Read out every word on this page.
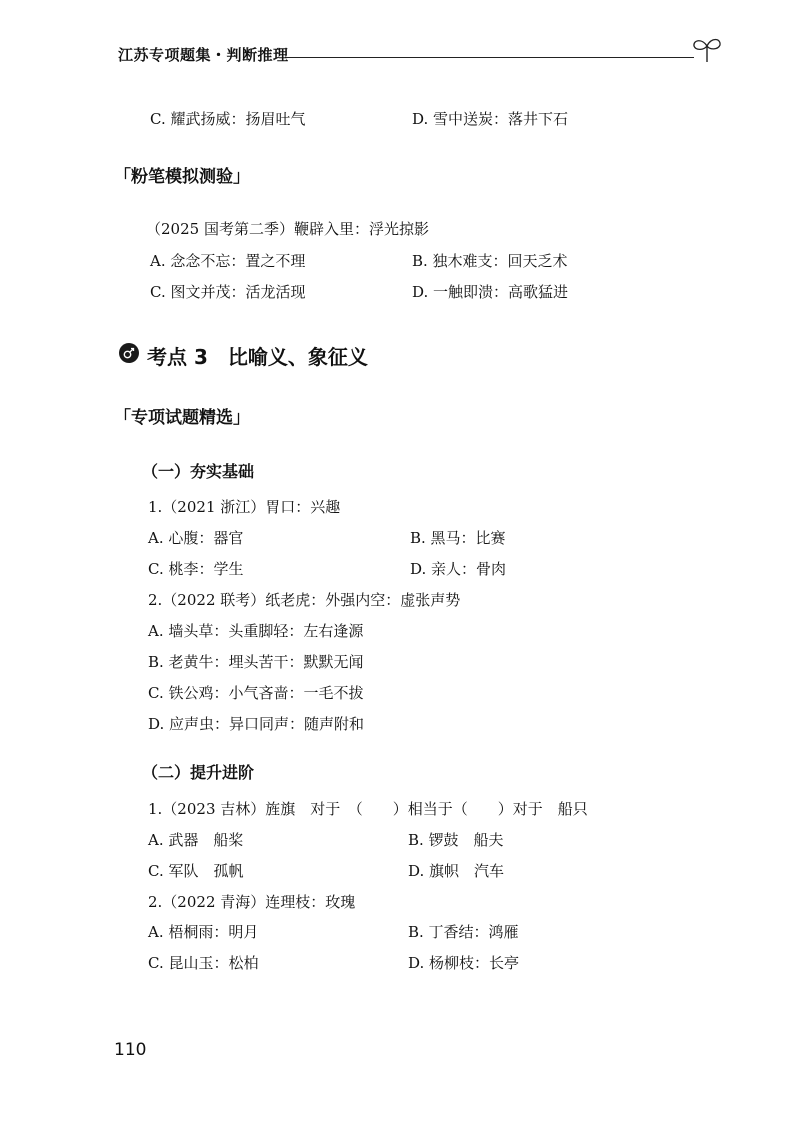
江苏专项题集・判断推理
C. 耀武扬威：扬眉吐气	D. 雪中送炭：落井下石
「粉笔模拟测验」
（2025 国考第二季）鞭辟入里：浮光掠影
A. 念念不忘：置之不理	B. 独木难支：回天乏术
C. 图文并茂：活龙活现	D. 一触即溃：高歌猛进
考点 3　比喻义、象征义
「专项试题精选」
（一）夯实基础
1.（2021 浙江）胃口：兴趣
A. 心腹：器官	B. 黑马：比赛
C. 桃李：学生	D. 亲人：骨肉
2.（2022 联考）纸老虎：外强内空：虚张声势
A. 墙头草：头重脚轻：左右逢源
B. 老黄牛：埋头苦干：默默无闻
C. 铁公鸡：小气吝啬：一毛不拔
D. 应声虫：异口同声：随声附和
（二）提升进阶
1.（2023 吉林）旌旗　对于　（　　）相当于（　　）对于　船只
A. 武器　船桨	B. 锣鼓　船夫
C. 军队　孤帆	D. 旗帜　汽车
2.（2022 青海）连理枝：玫瑰
A. 梧桐雨：明月	B. 丁香结：鸿雁
C. 昆山玉：松柏	D. 杨柳枝：长亭
110
